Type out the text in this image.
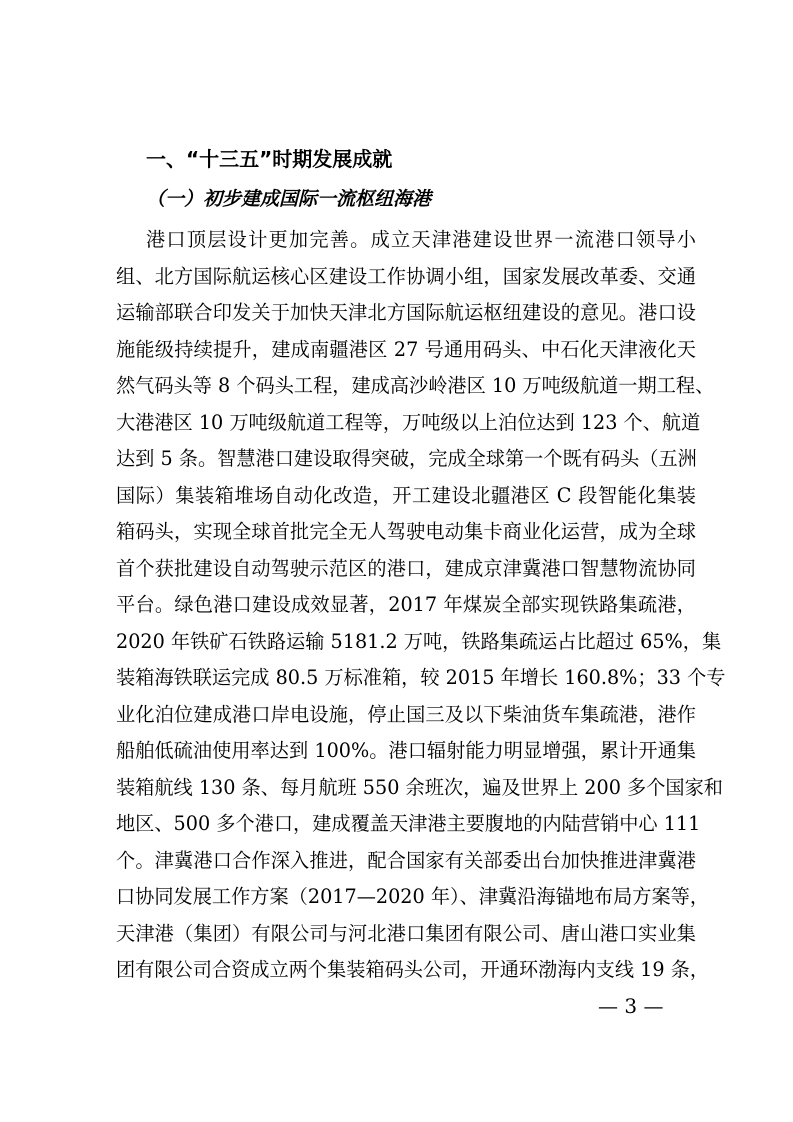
一、“十三五”时期发展成就
（一）初步建成国际一流枢纽海港
港口顶层设计更加完善。成立天津港建设世界一流港口领导小
组、北方国际航运核心区建设工作协调小组，国家发展改革委、交通
运输部联合印发关于加快天津北方国际航运枢纽建设的意见。港口设
施能级持续提升，建成南疆港区 27 号通用码头、中石化天津液化天
然气码头等 8 个码头工程，建成高沙岭港区 10 万吨级航道一期工程、
大港港区 10 万吨级航道工程等，万吨级以上泊位达到 123 个、航道
达到 5 条。智慧港口建设取得突破，完成全球第一个既有码头（五洲
国际）集装箱堆场自动化改造，开工建设北疆港区 C 段智能化集装
箱码头，实现全球首批完全无人驾驶电动集卡商业化运营，成为全球
首个获批建设自动驾驶示范区的港口，建成京津冀港口智慧物流协同
平台。绿色港口建设成效显著，2017 年煤炭全部实现铁路集疏港，
2020 年铁矿石铁路运输 5181.2 万吨，铁路集疏运占比超过 65%，集
装箱海铁联运完成 80.5 万标准箱，较 2015 年增长 160.8%；33 个专
业化泊位建成港口岸电设施，停止国三及以下柴油货车集疏港，港作
船舶低硫油使用率达到 100%。港口辐射能力明显增强，累计开通集
装箱航线 130 条、每月航班 550 余班次，遍及世界上 200 多个国家和
地区、500 多个港口，建成覆盖天津港主要腹地的内陆营销中心 111
个。津冀港口合作深入推进，配合国家有关部委出台加快推进津冀港
口协同发展工作方案（2017—2020 年）、津冀沿海锚地布局方案等，
天津港（集团）有限公司与河北港口集团有限公司、唐山港口实业集
团有限公司合资成立两个集装箱码头公司，开通环渤海内支线 19 条，
— 3 —
